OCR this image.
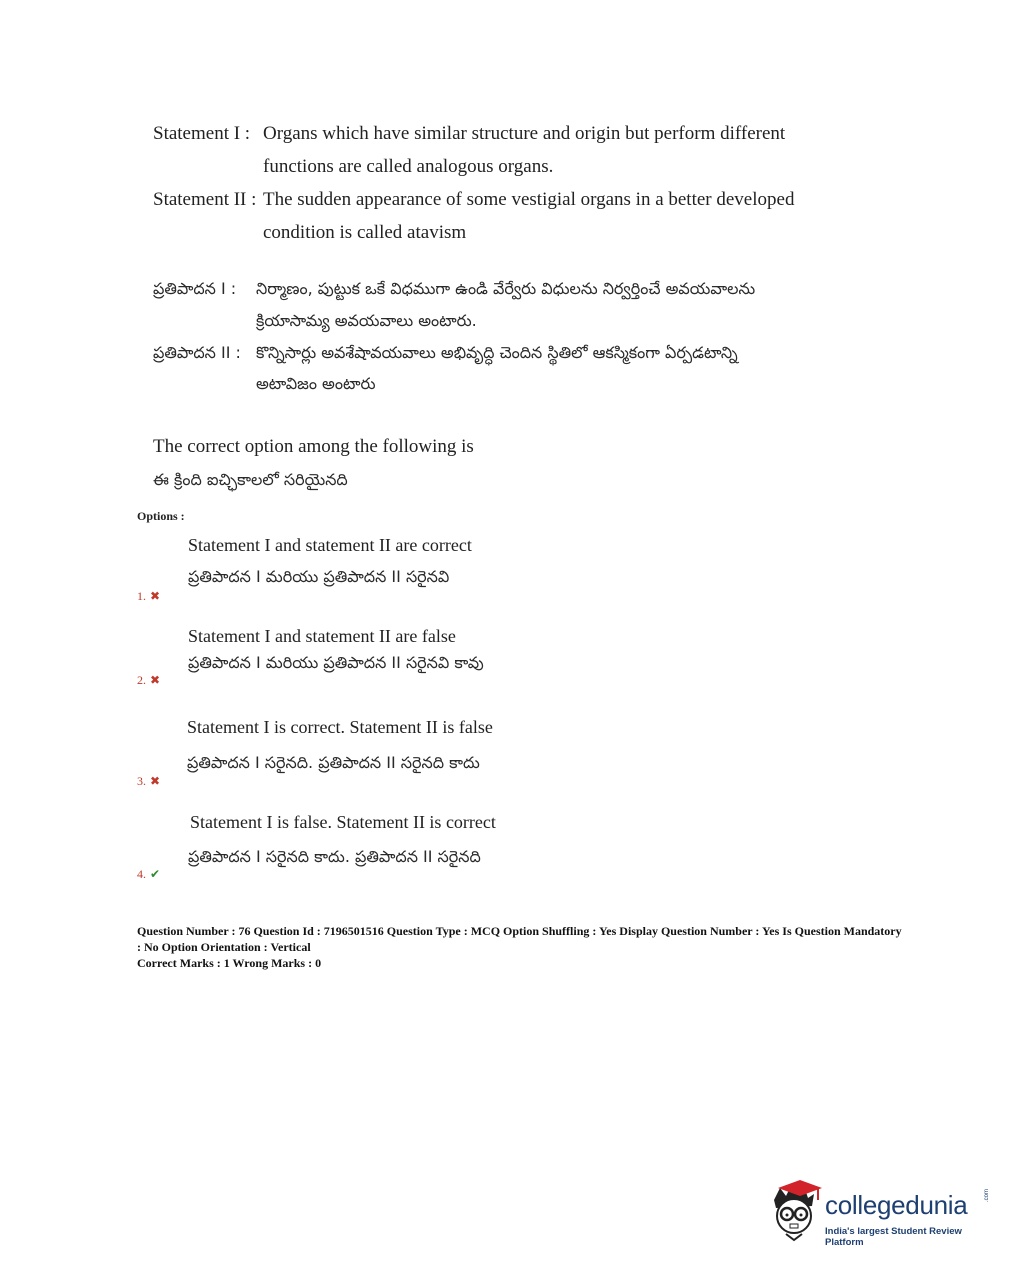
Statement I : Organs which have similar structure and origin but perform different
functions are called analogous organs.
Statement II : The sudden appearance of some vestigial organs in a better developed
condition is called atavism
ప్రతిపాదన I : నిర్మాణం, పుట్టుక ఒకే విధముగా ఉండి వేర్వేరు విధులను నిర్వర్తించే అవయవాలను
క్రియాసామ్య అవయవాలు అంటారు.
ప్రతిపాదన II : కొన్నిసార్లు అవశేషావయవాలు అభివృద్ధి చెందిన స్థితిలో ఆకస్మికంగా ఏర్పడటాన్ని
అటావిజం అంటారు
The correct option among the following is
ఈ క్రింది ఐచ్ఛికాలలో సరియైనది
Options :
Statement I and statement II are correct
ప్రతిపాదన I మరియు ప్రతిపాదన II సరైనవి
1. ✖
Statement I and statement II are false
ప్రతిపాదన I మరియు ప్రతిపాదన II సరైనవి కావు
2. ✖
Statement I is correct. Statement II is false
ప్రతిపాదన I సరైనది. ప్రతిపాదన II సరైనది కాదు
3. ✖
Statement I is false. Statement II is correct
ప్రతిపాదన I సరైనది కాదు. ప్రతిపాదన II సరైనది
4. ✔
Question Number : 76 Question Id : 7196501516 Question Type : MCQ Option Shuffling : Yes Display Question Number : Yes Is Question Mandatory : No Option Orientation : Vertical
Correct Marks : 1 Wrong Marks : 0
collegedunia	.com
India's largest Student Review Platform
